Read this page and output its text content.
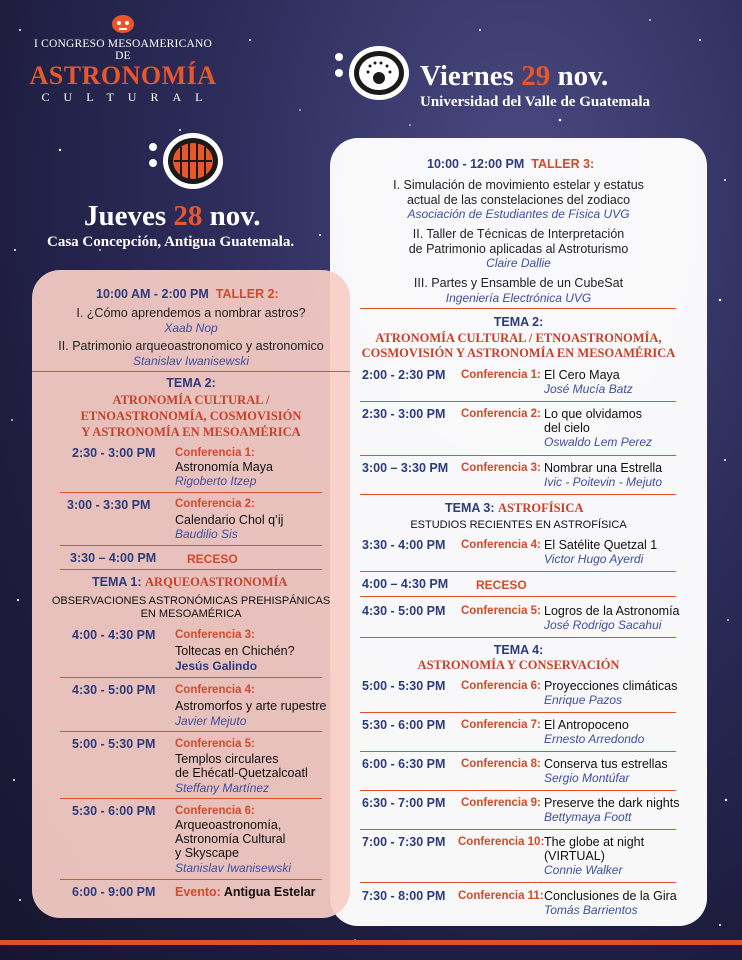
I CONGRESO MESOAMERICANO DE
ASTRONOMÍA
CULTURAL
Viernes 29 nov.
Universidad del Valle de Guatemala
Jueves 28 nov.
Casa Concepción, Antigua Guatemala.
10:00 - 12:00 PM TALLER 3:
I. Simulación de movimiento estelar y estatus
actual de las constelaciones del zodiaco
Asociación de Estudiantes de Física UVG
II. Taller de Técnicas de Interpretación
de Patrimonio aplicadas al Astroturismo
Claire Dallie
III. Partes y Ensamble de un CubeSat
Ingeniería Electrónica UVG
TEMA 2:
ATRONOMÍA CULTURAL / ETNOASTRONOMÍA,
COSMOVISIÓN Y ASTRONOMÍA EN MESOAMÉRICA
2:00 - 2:30 PM Conferencia 1: El Cero Maya
José Mucía Batz
2:30 - 3:00 PM Conferencia 2: Lo que olvidamos
del cielo
Oswaldo Lem Perez
3:00 – 3:30 PM Conferencia 3: Nombrar una Estrella
Ivic - Poitevin - Mejuto
TEMA 3: ASTROFÍSICA
ESTUDIOS RECIENTES EN ASTROFÍSICA
3:30 - 4:00 PM Conferencia 4: El Satélite Quetzal 1
Victor Hugo Ayerdi
4:00 – 4:30 PM RECESO
4:30 - 5:00 PM Conferencia 5: Logros de la Astronomía
José Rodrigo Sacahui
TEMA 4:
ASTRONOMÍA Y CONSERVACIÓN
5:00 - 5:30 PM Conferencia 6: Proyecciones climáticas
Enrique Pazos
5:30 - 6:00 PM Conferencia 7: El Antropoceno
Ernesto Arredondo
6:00 - 6:30 PM Conferencia 8: Conserva tus estrellas
Sergio Montúfar
6:30 - 7:00 PM Conferencia 9: Preserve the dark nights
Bettymaya Foott
7:00 - 7:30 PM Conferencia 10: The globe at night
(VIRTUAL)
Connie Walker
7:30 - 8:00 PM Conferencia 11: Conclusiones de la Gira
Tomás Barrientos
10:00 AM - 2:00 PM TALLER 2:
I. ¿Cómo aprendemos a nombrar astros?
Xaab Nop
II. Patrimonio arqueoastronomico y astronomico
Stanislav Iwanisewski
TEMA 2:
ATRONOMÍA CULTURAL /
ETNOASTRONOMÍA, COSMOVISIÓN
Y ASTRONOMÍA EN MESOAMÉRICA
2:30 - 3:00 PM Conferencia 1:
Astronomía Maya
Rigoberto Itzep
3:00 - 3:30 PM Conferencia 2:
Calendario Chol q’ij
Baudilio Sis
3:30 – 4:00 PM	RECESO
TEMA 1: ARQUEOASTRONOMÍA
OBSERVACIONES ASTRONÓMICAS PREHISPÁNICAS
EN MESOAMÉRICA
4:00 - 4:30 PM Conferencia 3:
Toltecas en Chichén?
Jesús Galindo
4:30 - 5:00 PM Conferencia 4:
Astromorfos y arte rupestre
Javier Mejuto
5:00 - 5:30 PM Conferencia 5:
Templos circulares
de Ehécatl-Quetzalcoatl
Steffany Martínez
5:30 - 6:00 PM Conferencia 6:
Arqueoastronomía,
Astronomía Cultural
y Skyscape
Stanislav Iwanisewski
6:00 - 9:00 PM Evento: Antigua Estelar
